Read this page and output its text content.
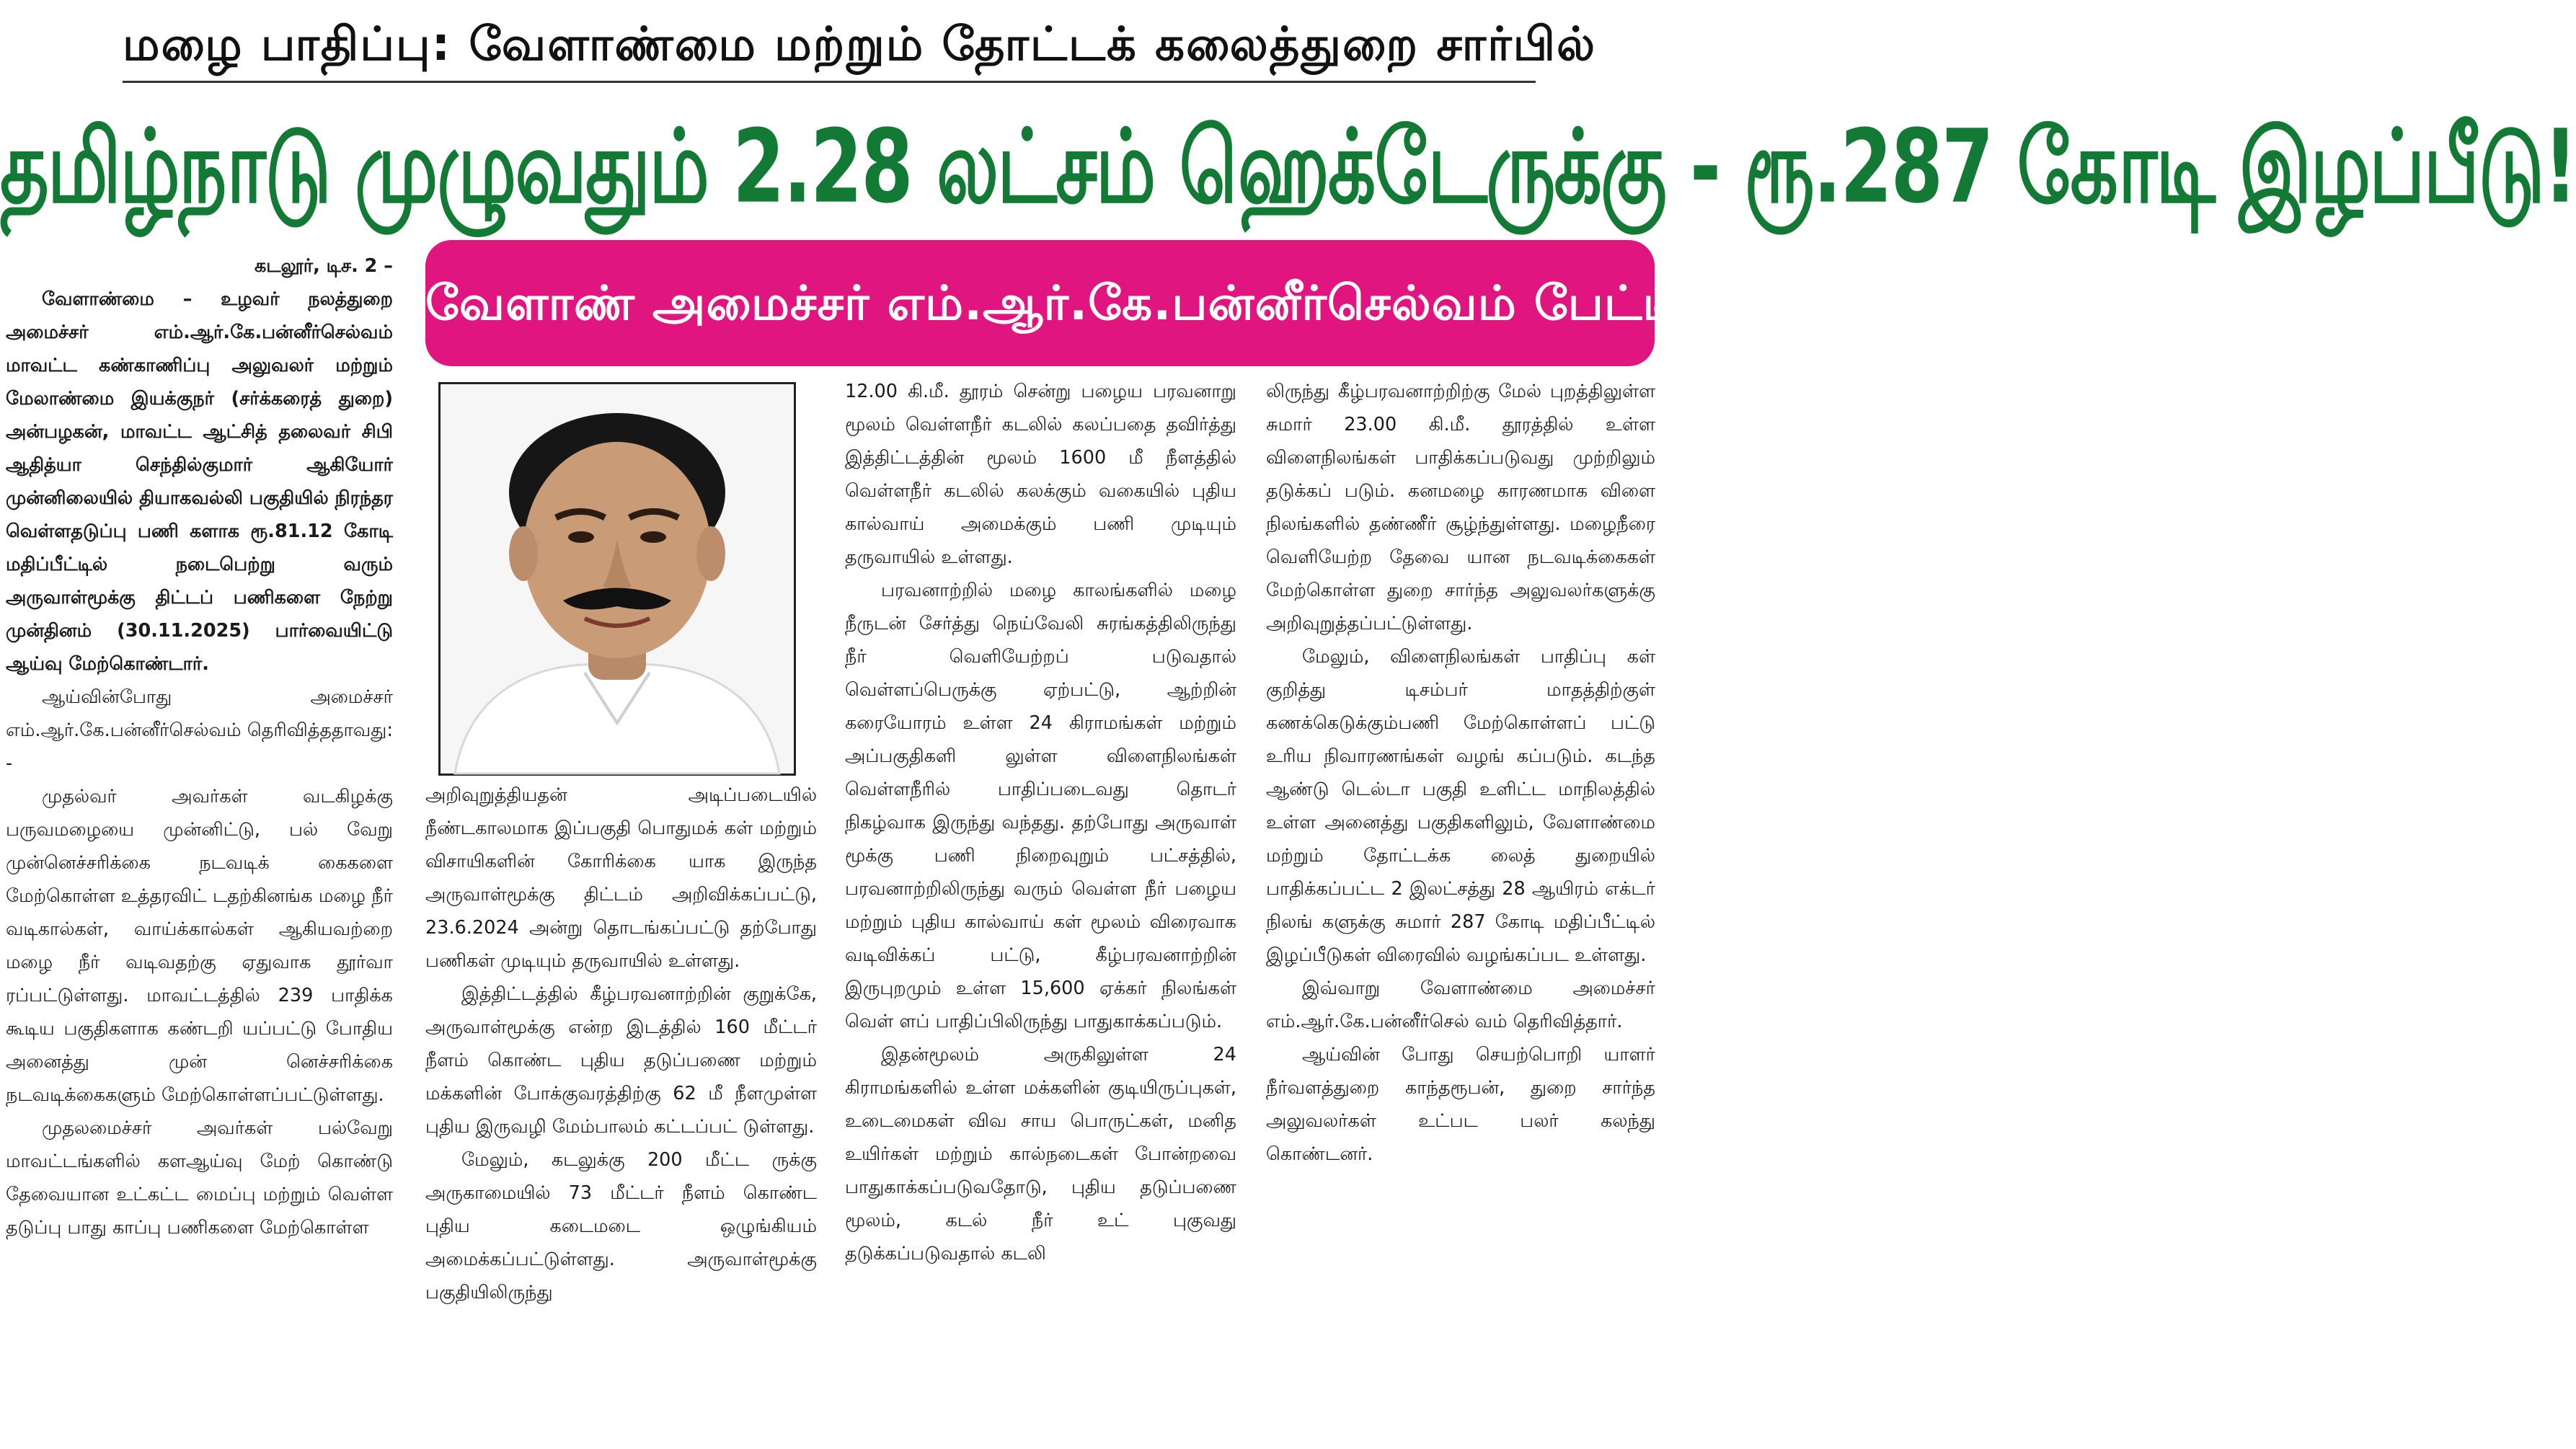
மழை பாதிப்பு: வேளாண்மை மற்றும் தோட்டக் கலைத்துறை சார்பில்
தமிழ்நாடு முழுவதும் 2.28 லட்சம் ஹெக்டேருக்கு - ரூ.287 கோடி இழப்பீடு!
வேளாண் அமைச்சர் எம்.ஆர்.கே.பன்னீர்செல்வம் பேட்டி!

கடலூர், டிச. 2 –

வேளாண்மை – உழவர் நலத்துறை அமைச்சர் எம்.ஆர்.கே.பன்னீர்செல்வம் மாவட்ட கண்காணிப்பு அலுவலர் மற்றும் மேலாண்மை இயக்குநர் (சர்க்கரைத் துறை) அன்பழகன், மாவட்ட ஆட்சித் தலைவர் சிபி ஆதித்யா செந்தில்குமார் ஆகியோர் முன்னிலையில் தியாகவல்லி பகுதியில் நிரந்தர வெள்ளதடுப்பு பணி களாக ரூ.81.12 கோடி மதிப்பீட்டில் நடைபெற்று வரும் அருவாள்மூக்கு திட்டப் பணிகளை நேற்று முன்தினம் (30.11.2025) பார்வையிட்டு ஆய்வு மேற்கொண்டார்.

ஆய்வின்போது அமைச்சர் எம்.ஆர்.கே.பன்னீர்செல்வம் தெரிவித்ததாவது: -

முதல்வர் அவர்கள் வடகிழக்கு பருவமழையை முன்னிட்டு, பல் வேறு முன்னெச்சரிக்கை நடவடிக் கைகளை மேற்கொள்ள உத்தரவிட் டதற்கினங்க மழை நீர் வடிகால்கள், வாய்க்கால்கள் ஆகியவற்றை மழை நீர் வடிவதற்கு ஏதுவாக தூர்வா ரப்பட்டுள்ளது. மாவட்டத்தில் 239 பாதிக்க கூடிய பகுதிகளாக கண்டறி யப்பட்டு போதிய அனைத்து முன் னெச்சரிக்கை நடவடிக்கைகளும் மேற்கொள்ளப்பட்டுள்ளது.

முதலமைச்சர் அவர்கள் பல்வேறு மாவட்டங்களில் களஆய்வு மேற் கொண்டு தேவையான உட்கட்ட மைப்பு மற்றும் வெள்ள தடுப்பு பாது காப்பு பணிகளை மேற்கொள்ள

அறிவுறுத்தியதன் அடிப்படையில் நீண்டகாலமாக இப்பகுதி பொதுமக் கள் மற்றும் விசாயிகளின் கோரிக்கை யாக இருந்த அருவாள்மூக்கு திட்டம் அறிவிக்கப்பட்டு, 23.6.2024 அன்று தொடங்கப்பட்டு தற்போது பணிகள் முடியும் தருவாயில் உள்ளது.

இத்திட்டத்தில் கீழ்பரவனாற்றின் குறுக்கே, அருவாள்மூக்கு என்ற இடத்தில் 160 மீட்டர் நீளம் கொண்ட புதிய தடுப்பணை மற்றும் மக்களின் போக்குவரத்திற்கு 62 மீ நீளமுள்ள புதிய இருவழி மேம்பாலம் கட்டப்பட் டுள்ளது.

மேலும், கடலுக்கு 200 மீட்ட ருக்கு அருகாமையில் 73 மீட்டர் நீளம் கொண்ட புதிய கடைமடை ஒழுங்கியம் அமைக்கப்பட்டுள்ளது. அருவாள்மூக்கு பகுதியிலிருந்து

12.00 கி.மீ. தூரம் சென்று பழைய பரவனாறு மூலம் வெள்ளநீர் கடலில் கலப்பதை தவிர்த்து இத்திட்டத்தின் மூலம் 1600 மீ நீளத்தில் வெள்ளநீர் கடலில் கலக்கும் வகையில் புதிய கால்வாய் அமைக்கும் பணி முடியும் தருவாயில் உள்ளது.

பரவனாற்றில் மழை காலங்களில் மழை நீருடன் சேர்த்து நெய்வேலி சுரங்கத்திலிருந்து நீர் வெளியேற்றப் படுவதால் வெள்ளப்பெருக்கு ஏற்பட்டு, ஆற்றின் கரையோரம் உள்ள 24 கிராமங்கள் மற்றும் அப்பகுதிகளி லுள்ள விளைநிலங்கள் வெள்ளநீரில் பாதிப்படைவது தொடர் நிகழ்வாக இருந்து வந்தது. தற்போது அருவாள் மூக்கு பணி நிறைவுறும் பட்சத்தில், பரவனாற்றிலிருந்து வரும் வெள்ள நீர் பழைய மற்றும் புதிய கால்வாய் கள் மூலம் விரைவாக வடிவிக்கப் பட்டு, கீழ்பரவனாற்றின் இருபுறமும் உள்ள 15,600 ஏக்கர் நிலங்கள் வெள் ளப் பாதிப்பிலிருந்து பாதுகாக்கப்படும்.

இதன்மூலம் அருகிலுள்ள 24 கிராமங்களில் உள்ள மக்களின் குடியிருப்புகள், உடைமைகள் விவ சாய பொருட்கள், மனித உயிர்கள் மற்றும் கால்நடைகள் போன்றவை பாதுகாக்கப்படுவதோடு, புதிய தடுப்பணை மூலம், கடல் நீர் உட் புகுவது தடுக்கப்படுவதால் கடலி

லிருந்து கீழ்பரவனாற்றிற்கு மேல் புறத்திலுள்ள சுமார் 23.00 கி.மீ. தூரத்தில் உள்ள விளைநிலங்கள் பாதிக்கப்படுவது முற்றிலும் தடுக்கப் படும். கனமழை காரணமாக விளை நிலங்களில் தண்ணீர் சூழ்ந்துள்ளது. மழைநீரை வெளியேற்ற தேவை யான நடவடிக்கைகள் மேற்கொள்ள துறை சார்ந்த அலுவலர்களுக்கு அறிவுறுத்தப்பட்டுள்ளது.

மேலும், விளைநிலங்கள் பாதிப்பு கள் குறித்து டிசம்பர் மாதத்திற்குள் கணக்கெடுக்கும்பணி மேற்கொள்ளப் பட்டு உரிய நிவாரணங்கள் வழங் கப்படும். கடந்த ஆண்டு டெல்டா பகுதி உளிட்ட மாநிலத்தில் உள்ள அனைத்து பகுதிகளிலும், வேளாண்மை மற்றும் தோட்டக்க லைத் துறையில் பாதிக்கப்பட்ட 2 இலட்சத்து 28 ஆயிரம் எக்டர் நிலங் களுக்கு சுமார் 287 கோடி மதிப்பீட்டில் இழப்பீடுகள் விரைவில் வழங்கப்பட உள்ளது.

இவ்வாறு வேளாண்மை அமைச்சர் எம்.ஆர்.கே.பன்னீர்செல் வம் தெரிவித்தார்.

ஆய்வின் போது செயற்பொறி யாளர் நீர்வளத்துறை காந்தரூபன், துறை சார்ந்த அலுவலர்கள் உட்பட பலர் கலந்து கொண்டனர்.
